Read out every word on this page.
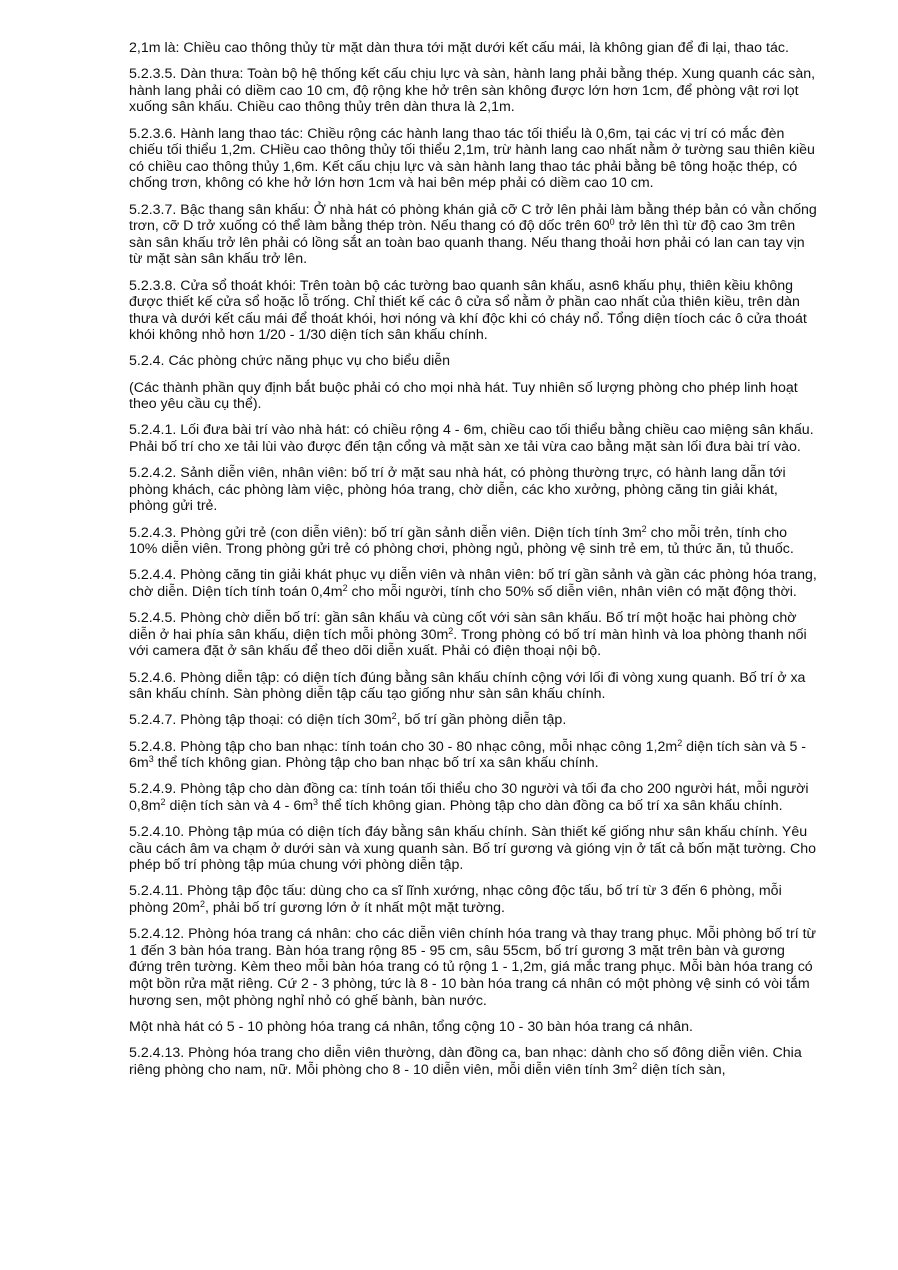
2,1m là: Chiều cao thông thủy từ mặt dàn thưa tới mặt dưới kết cấu mái, là không gian để đi lại, thao tác.

5.2.3.5. Dàn thưa: Toàn bộ hệ thống kết cấu chịu lực và sàn, hành lang phải bằng thép. Xung quanh các sàn, hành lang phải có diềm cao 10 cm, độ rộng khe hở trên sàn không được lớn hơn 1cm, để phòng vật rơi lọt xuống sân khấu. Chiều cao thông thủy trên dàn thưa là 2,1m.

5.2.3.6. Hành lang thao tác: Chiều rộng các hành lang thao tác tối thiểu là 0,6m, tại các vị trí có mắc đèn chiếu tối thiểu 1,2m. CHiều cao thông thủy tối thiểu 2,1m, trừ hành lang cao nhất nằm ở tường sau thiên kiều có chiều cao thông thủy 1,6m. Kết cấu chịu lực và sàn hành lang thao tác phải bằng bê tông hoặc thép, có chống trơn, không có khe hở lớn hơn 1cm và hai bên mép phải có diềm cao 10 cm.

5.2.3.7. Bậc thang sân khấu: Ở nhà hát có phòng khán giả cỡ C trở lên phải làm bằng thép bản có vằn chống trơn, cỡ D trở xuống có thể làm bằng thép tròn. Nếu thang có độ dốc trên $60^0$ trở lên thì từ độ cao 3m trên sàn sân khấu trở lên phải có lồng sắt an toàn bao quanh thang. Nếu thang thoải hơn phải có lan can tay vịn từ mặt sàn sân khấu trở lên.

5.2.3.8. Cửa sổ thoát khói: Trên toàn bộ các tường bao quanh sân khấu, asn6 khấu phụ, thiên kềiu không được thiết kế cửa sổ hoặc lỗ trống. Chỉ thiết kế các ô cửa sổ nằm ở phần cao nhất của thiên kiều, trên dàn thưa và dưới kết cấu mái để thoát khói, hơi nóng và khí độc khi có cháy nổ. Tổng diện tíoch các ô cửa thoát khói không nhỏ hơn 1/20 - 1/30 diện tích sân khấu chính.

5.2.4. Các phòng chức năng phục vụ cho biểu diễn

(Các thành phần quy định bắt buộc phải có cho mọi nhà hát. Tuy nhiên số lượng phòng cho phép linh hoạt theo yêu cầu cụ thể).

5.2.4.1. Lối đưa bài trí vào nhà hát: có chiều rộng 4 - 6m, chiều cao tối thiểu bằng chiều cao miệng sân khấu. Phải bố trí cho xe tải lùi vào được đến tận cổng và mặt sàn xe tải vừa cao bằng mặt sàn lối đưa bài trí vào.

5.2.4.2. Sảnh diễn viên, nhân viên: bố trí ở mặt sau nhà hát, có phòng thường trực, có hành lang dẫn tới phòng khách, các phòng làm việc, phòng hóa trang, chờ diễn, các kho xưởng, phòng căng tin giải khát, phòng gửi trẻ.

5.2.4.3. Phòng gửi trẻ (con diễn viên): bố trí gần sảnh diễn viên. Diện tích tính $3m^2$ cho mỗi trẻn, tính cho 10% diễn viên. Trong phòng gửi trẻ có phòng chơi, phòng ngủ, phòng vệ sinh trẻ em, tủ thức ăn, tủ thuốc.

5.2.4.4. Phòng căng tin giải khát phục vụ diễn viên và nhân viên: bố trí gần sảnh và gần các phòng hóa trang, chờ diễn. Diện tích tính toán $0,4m^2$ cho mỗi người, tính cho 50% số diễn viên, nhân viên có mặt động thời.

5.2.4.5. Phòng chờ diễn bố trí: gần sân khấu và cùng cốt với sàn sân khấu. Bố trí một hoặc hai phòng chờ diễn ở hai phía sân khấu, diện tích mỗi phòng $30m^2$. Trong phòng có bố trí màn hình và loa phòng thanh nối với camera đặt ở sân khấu để theo dõi diễn xuất. Phải có điện thoại nội bộ.

5.2.4.6. Phòng diễn tập: có diện tích đúng bằng sân khấu chính cộng với lối đi vòng xung quanh. Bố trí ở xa sân khấu chính. Sàn phòng diễn tập cấu tạo giống như sàn sân khấu chính.

5.2.4.7. Phòng tập thoại: có diện tích $30m^2$, bố trí gần phòng diễn tập.

5.2.4.8. Phòng tập cho ban nhạc: tính toán cho 30 - 80 nhạc công, mỗi nhạc công $1,2m^2$ diện tích sàn và $5 - 6m^3$ thể tích không gian. Phòng tập cho ban nhạc bố trí xa sân khấu chính.

5.2.4.9. Phòng tập cho dàn đồng ca: tính toán tối thiểu cho 30 người và tối đa cho 200 người hát, mỗi người $0,8m^2$ diện tích sàn và $4 - 6m^3$ thể tích không gian. Phòng tập cho dàn đồng ca bố trí xa sân khấu chính.

5.2.4.10. Phòng tập múa có diện tích đáy bằng sân khấu chính. Sàn thiết kế giống như sân khấu chính. Yêu cầu cách âm va chạm ở dưới sàn và xung quanh sàn. Bố trí gương và gióng vịn ở tất cả bốn mặt tường. Cho phép bố trí phòng tập múa chung với phòng diễn tập.

5.2.4.11. Phòng tập độc tấu: dùng cho ca sĩ lĩnh xướng, nhạc công độc tấu, bố trí từ 3 đến 6 phòng, mỗi phòng $20m^2$, phải bố trí gương lớn ở ít nhất một mặt tường.

5.2.4.12. Phòng hóa trang cá nhân: cho các diễn viên chính hóa trang và thay trang phục. Mỗi phòng bố trí từ 1 đến 3 bàn hóa trang. Bàn hóa trang rộng 85 - 95 cm, sâu 55cm, bố trí gương 3 mặt trên bàn và gương đứng trên tường. Kèm theo mỗi bàn hóa trang có tủ rộng 1 - 1,2m, giá mắc trang phục. Mỗi bàn hóa trang có một bồn rửa mặt riêng. Cứ 2 - 3 phòng, tức là 8 - 10 bàn hóa trang cá nhân có một phòng vệ sinh có vòi tắm hương sen, một phòng nghỉ nhỏ có ghế bành, bàn nước.

Một nhà hát có 5 - 10 phòng hóa trang cá nhân, tổng cộng 10 - 30 bàn hóa trang cá nhân.

5.2.4.13. Phòng hóa trang cho diễn viên thường, dàn đồng ca, ban nhạc: dành cho số đông diễn viên. Chia riêng phòng cho nam, nữ. Mỗi phòng cho 8 - 10 diễn viên, mỗi diễn viên tính $3m^2$ diện tích sàn,
